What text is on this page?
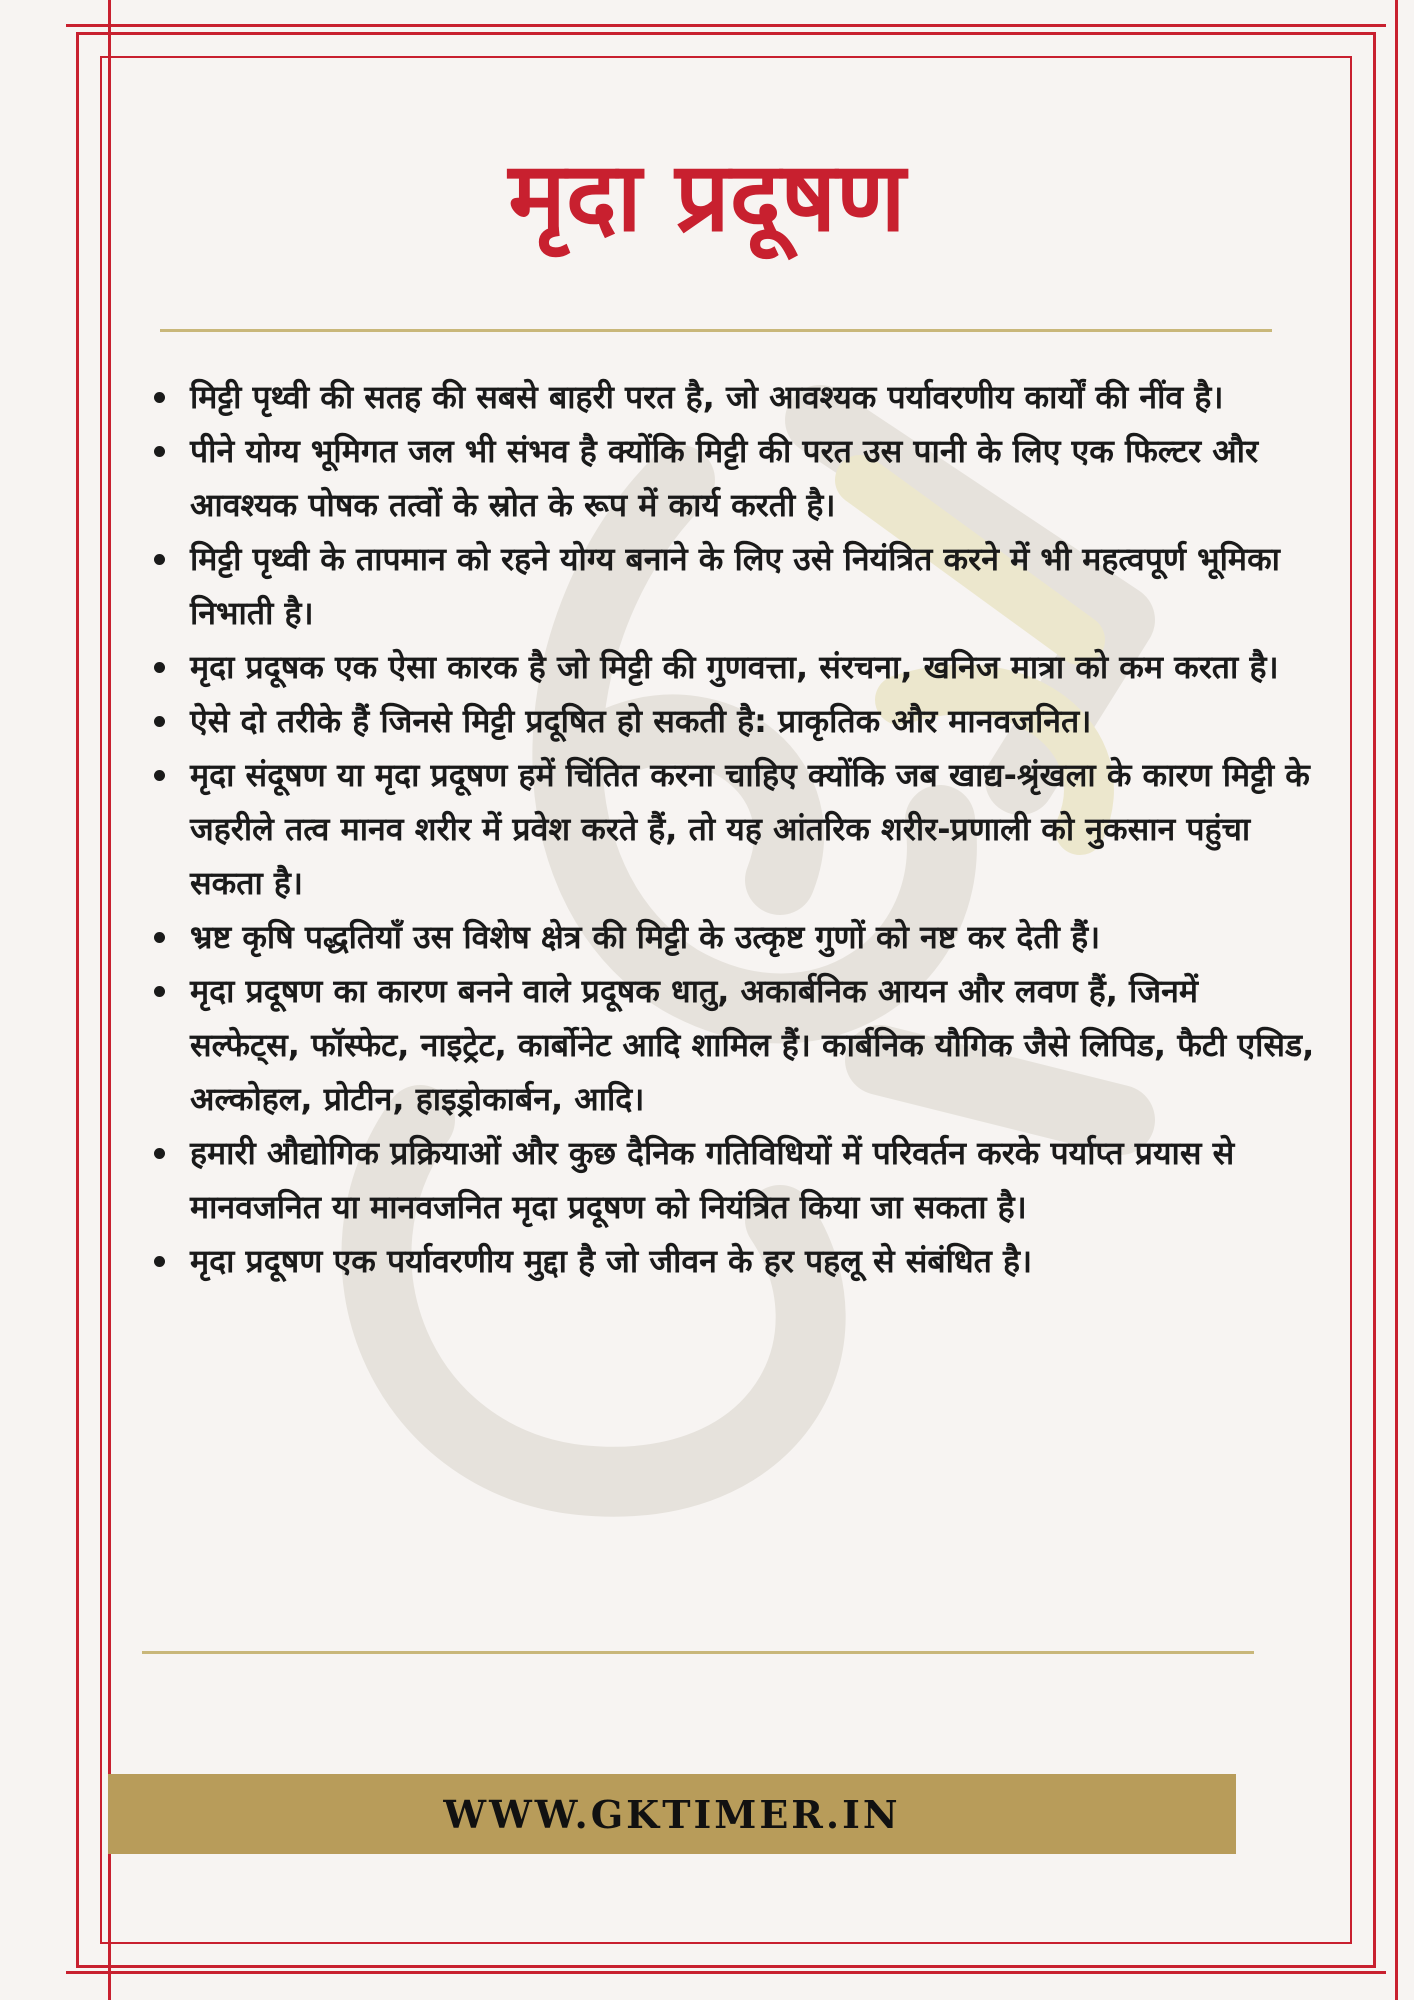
मृदा प्रदूषण
मिट्टी पृथ्वी की सतह की सबसे बाहरी परत है, जो आवश्यक पर्यावरणीय कार्यों की नींव है।
पीने योग्य भूमिगत जल भी संभव है क्योंकि मिट्टी की परत उस पानी के लिए एक फिल्टर और आवश्यक पोषक तत्वों के स्रोत के रूप में कार्य करती है।
मिट्टी पृथ्वी के तापमान को रहने योग्य बनाने के लिए उसे नियंत्रित करने में भी महत्वपूर्ण भूमिका निभाती है।
मृदा प्रदूषक एक ऐसा कारक है जो मिट्टी की गुणवत्ता, संरचना, खनिज मात्रा को कम करता है।
ऐसे दो तरीके हैं जिनसे मिट्टी प्रदूषित हो सकती है: प्राकृतिक और मानवजनित।
मृदा संदूषण या मृदा प्रदूषण हमें चिंतित करना चाहिए क्योंकि जब खाद्य-श्रृंखला के कारण मिट्टी के जहरीले तत्व मानव शरीर में प्रवेश करते हैं, तो यह आंतरिक शरीर-प्रणाली को नुकसान पहुंचा सकता है।
भ्रष्ट कृषि पद्धतियाँ उस विशेष क्षेत्र की मिट्टी के उत्कृष्ट गुणों को नष्ट कर देती हैं।
मृदा प्रदूषण का कारण बनने वाले प्रदूषक धातु, अकार्बनिक आयन और लवण हैं, जिनमें सल्फेट्स, फॉस्फेट, नाइट्रेट, कार्बोनेट आदि शामिल हैं। कार्बनिक यौगिक जैसे लिपिड, फैटी एसिड, अल्कोहल, प्रोटीन, हाइड्रोकार्बन, आदि।
हमारी औद्योगिक प्रक्रियाओं और कुछ दैनिक गतिविधियों में परिवर्तन करके पर्याप्त प्रयास से मानवजनित या मानवजनित मृदा प्रदूषण को नियंत्रित किया जा सकता है।
मृदा प्रदूषण एक पर्यावरणीय मुद्दा है जो जीवन के हर पहलू से संबंधित है।
WWW.GKTIMER.IN
